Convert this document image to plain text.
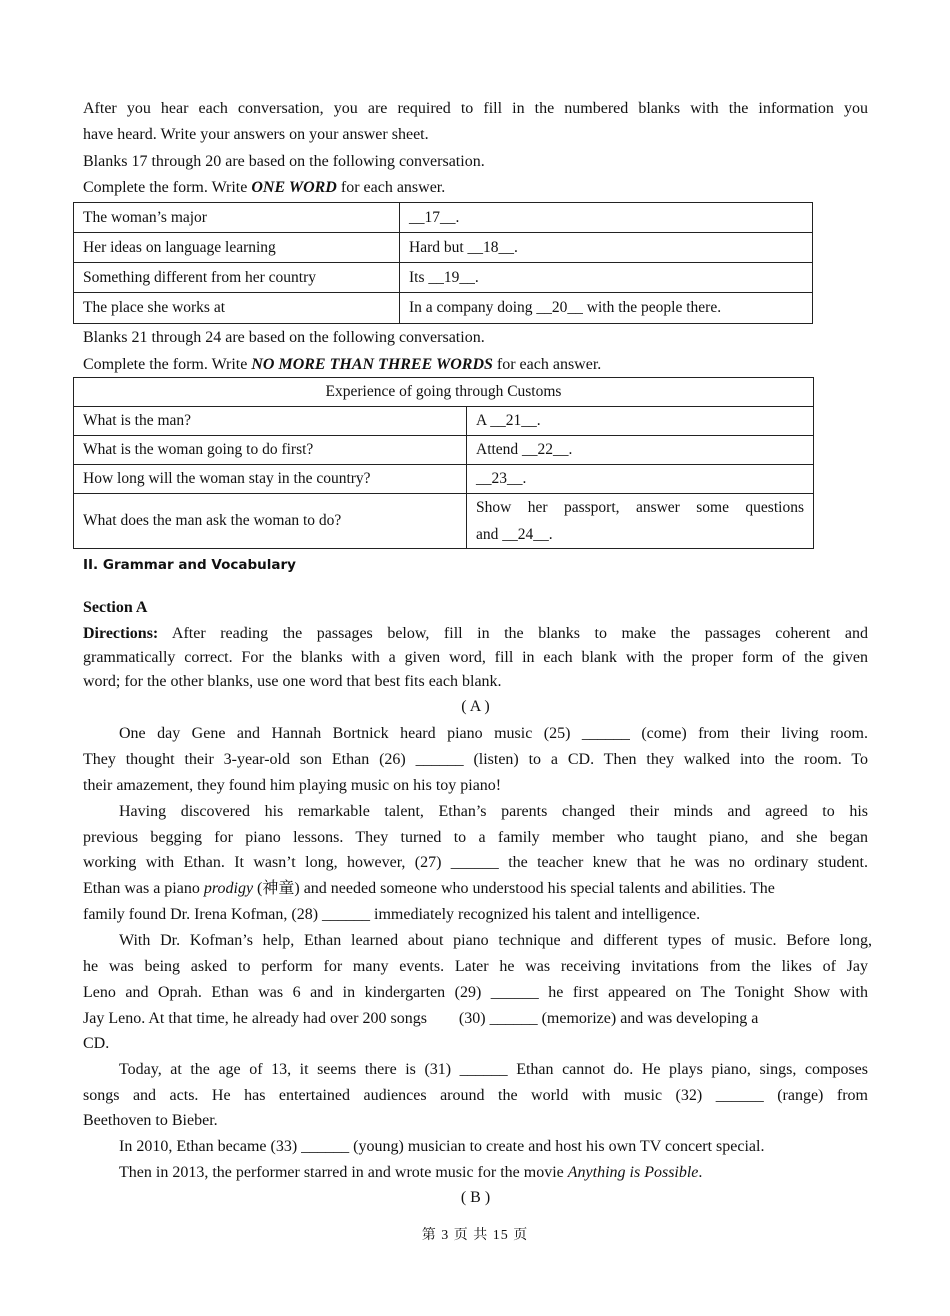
After you hear each conversation, you are required to fill in the numbered blanks with the information you
have heard. Write your answers on your answer sheet.
Blanks 17 through 20 are based on the following conversation.
Complete the form. Write ONE WORD for each answer.
The woman’s major	__17__.
Her ideas on language learning	Hard but __18__.
Something different from her country	Its __19__.
The place she works at	In a company doing __20__ with the people there.
Blanks 21 through 24 are based on the following conversation.
Complete the form. Write NO MORE THAN THREE WORDS for each answer.
Experience of going through Customs	
What is the man?	A __21__.
What is the woman going to do first?	Attend __22__.
How long will the woman stay in the country?	__23__.
What does the man ask the woman to do?	Show her passport, answer some questions
and __24__.
II. Grammar and Vocabulary
Section A
Directions: After reading the passages below, fill in the blanks to make the passages coherent and
grammatically correct. For the blanks with a given word, fill in each blank with the proper form of the given
word; for the other blanks, use one word that best fits each blank.
( A )
One day Gene and Hannah Bortnick heard piano music (25) ______ (come) from their living room.
They thought their 3-year-old son Ethan (26) ______ (listen) to a CD. Then they walked into the room. To
their amazement, they found him playing music on his toy piano!
Having discovered his remarkable talent, Ethan’s parents changed their minds and agreed to his
previous begging for piano lessons. They turned to a family member who taught piano, and she began
working with Ethan. It wasn’t long, however, (27) ______ the teacher knew that he was no ordinary student.
Ethan was a piano prodigy (神童) and needed someone who understood his special talents and abilities. The
family found Dr. Irena Kofman, (28) ______ immediately recognized his talent and intelligence.
With Dr. Kofman’s help, Ethan learned about piano technique and different types of music. Before long,
he was being asked to perform for many events. Later he was receiving invitations from the likes of Jay
Leno and Oprah. Ethan was 6 and in kindergarten (29) ______ he first appeared on The Tonight Show with
Jay Leno. At that time, he already had over 200 songs        (30) ______ (memorize) and was developing a
CD.
Today, at the age of 13, it seems there is (31) ______ Ethan cannot do. He plays piano, sings, composes
songs and acts. He has entertained audiences around the world with music (32) ______ (range) from
Beethoven to Bieber.
In 2010, Ethan became (33) ______ (young) musician to create and host his own TV concert special.
Then in 2013, the performer starred in and wrote music for the movie Anything is Possible.
( B )
第 3 页 共 15 页
